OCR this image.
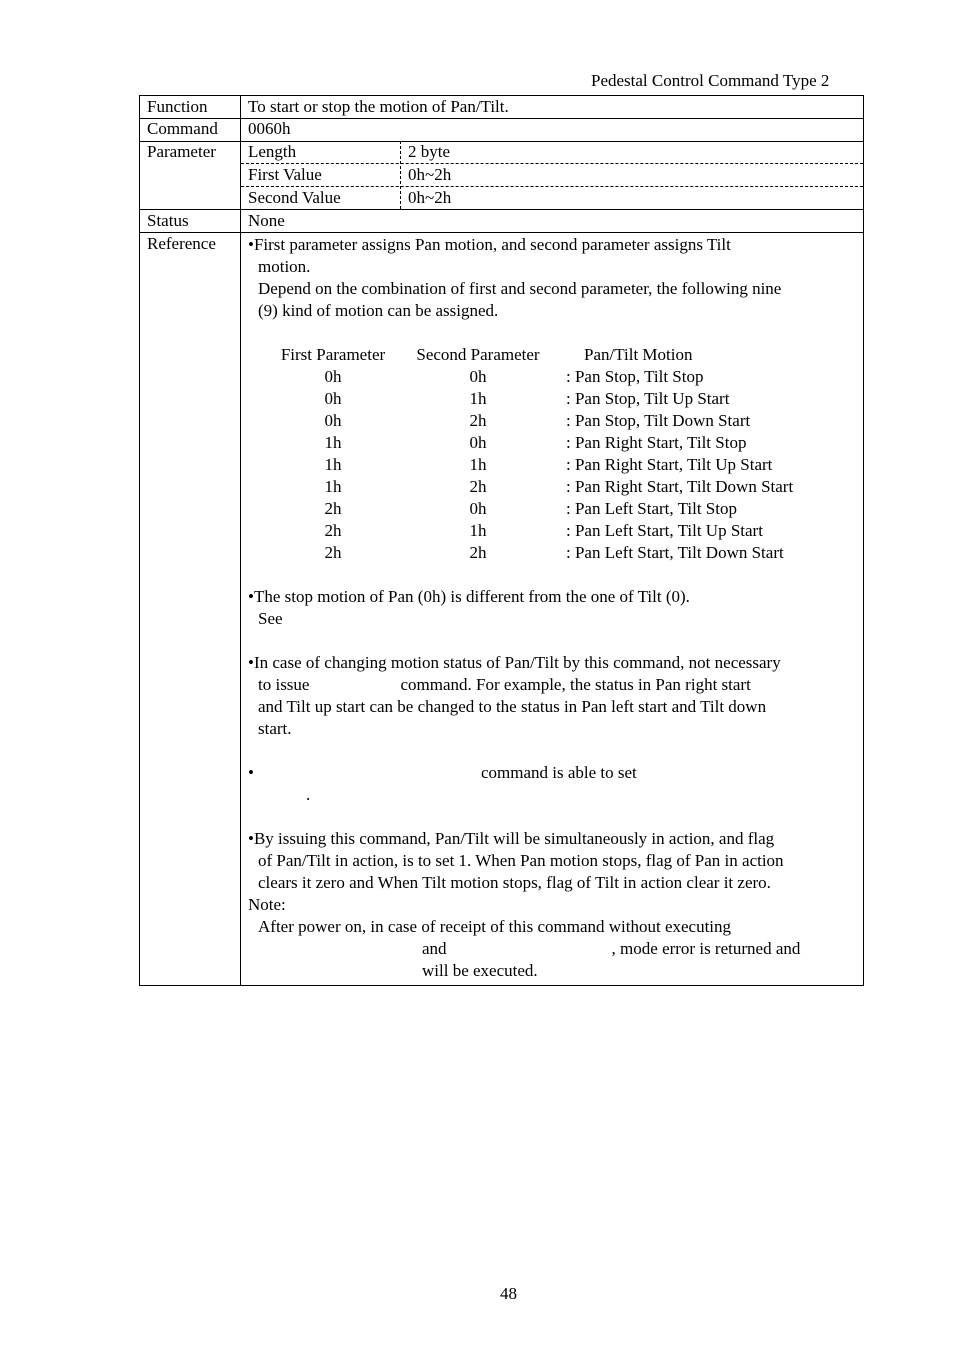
Pedestal Control Command Type 2
Function To start or stop the motion of Pan/Tilt.
Command 0060h
Parameter Length	2 byte
First Value	0h~2h
Second Value	0h~2h
Status	None
Reference •First parameter assigns Pan motion, and second parameter assigns Tilt

motion.

Depend on the combination of first and second parameter, the following nine

(9) kind of motion can be assigned.

First Parameter	Second Parameter	Pan/Tilt Motion
0h	0h	: Pan Stop, Tilt Stop
0h	1h	: Pan Stop, Tilt Up Start
0h	2h	: Pan Stop, Tilt Down Start
1h	0h	: Pan Right Start, Tilt Stop
1h	1h	: Pan Right Start, Tilt Up Start
1h	2h	: Pan Right Start, Tilt Down Start
2h	0h	: Pan Left Start, Tilt Stop
2h	1h	: Pan Left Start, Tilt Up Start
2h	2h	: Pan Left Start, Tilt Down Start

•The stop motion of Pan (0h) is different from the one of Tilt (0).

See

•In case of changing motion status of Pan/Tilt by this command, not necessary

to issue	command. For example, the status in Pan right start

and Tilt up start can be changed to the status in Pan left start and Tilt down

start.

•	command is able to set

.

•By issuing this command, Pan/Tilt will be simultaneously in action, and flag

of Pan/Tilt in action, is to set 1. When Pan motion stops, flag of Pan in action

clears it zero and When Tilt motion stops, flag of Tilt in action clear it zero.

Note:

After power on, in case of receipt of this command without executing

and	, mode error is returned and

will be executed.

48
